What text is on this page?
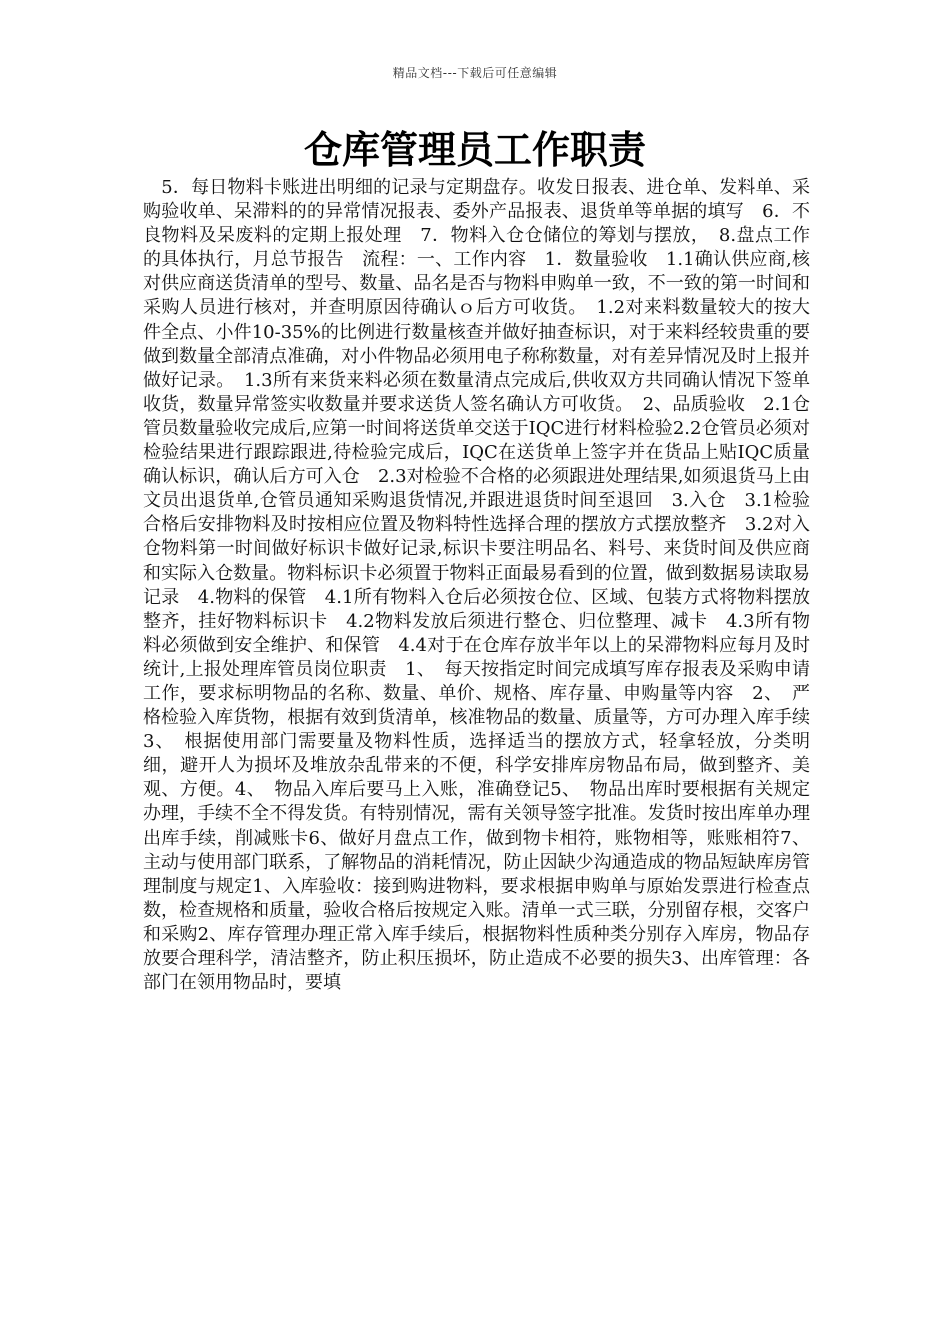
精品文档---下载后可任意编辑
仓库管理员工作职责

　5．每日物料卡账进出明细的记录与定期盘存。收发日报表、进仓单、发料单、采购验收单、呆滞料的的异常情况报表、委外产品报表、退货单等单据的填写　6．不良物料及呆废料的定期上报处理　7．物料入仓仓储位的筹划与摆放，　8.盘点工作的具体执行，月总节报告　流程：一、工作内容　1．数量验收　1.1确认供应商,核对供应商送货清单的型号、数量、品名是否与物料申购单一致，不一致的第一时间和采购人员进行核对，并查明原因待确认ｏ后方可收货。　1.2对来料数量较大的按大件全点、小件10-35%的比例进行数量核查并做好抽查标识，对于来料经较贵重的要做到数量全部清点准确，对小件物品必须用电子称称数量，对有差异情况及时上报并做好记录。　1.3所有来货来料必须在数量清点完成后,供收双方共同确认情况下签单收货，数量异常签实收数量并要求送货人签名确认方可收货。　2、品质验收　2.1仓管员数量验收完成后,应第一时间将送货单交送于IQC进行材料检验2.2仓管员必须对检验结果进行跟踪跟进,待检验完成后，IQC在送货单上签字并在货品上贴IQC质量确认标识，确认后方可入仓　2.3对检验不合格的必须跟进处理结果,如须退货马上由文员出退货单,仓管员通知采购退货情况,并跟进退货时间至退回　3.入仓　3.1检验合格后安排物料及时按相应位置及物料特性选择合理的摆放方式摆放整齐　3.2对入仓物料第一时间做好标识卡做好记录,标识卡要注明品名、料号、来货时间及供应商和实际入仓数量。物料标识卡必须置于物料正面最易看到的位置，做到数据易读取易记录　4.物料的保管　4.1所有物料入仓后必须按仓位、区域、包装方式将物料摆放整齐，挂好物料标识卡　4.2物料发放后须进行整仓、归位整理、减卡　4.3所有物料必须做到安全维护、和保管　4.4对于在仓库存放半年以上的呆滞物料应每月及时统计,上报处理库管员岗位职责　1、　每天按指定时间完成填写库存报表及采购申请工作，要求标明物品的名称、数量、单价、规格、库存量、申购量等内容　2、　严格检验入库货物，根据有效到货清单，核准物品的数量、质量等，方可办理入库手续　3、　根据使用部门需要量及物料性质，选择适当的摆放方式，轻拿轻放，分类明细，避开人为损坏及堆放杂乱带来的不便，科学安排库房物品布局，做到整齐、美观、方便。4、　物品入库后要马上入账，准确登记5、　物品出库时要根据有关规定办理，手续不全不得发货。有特别情况，需有关领导签字批准。发货时按出库单办理出库手续，削减账卡6、做好月盘点工作，做到物卡相符，账物相等，账账相符7、主动与使用部门联系，了解物品的消耗情况，防止因缺少沟通造成的物品短缺库房管理制度与规定1、入库验收：接到购进物料，要求根据申购单与原始发票进行检查点数，检查规格和质量，验收合格后按规定入账。清单一式三联，分别留存根，交客户和采购2、库存管理办理正常入库手续后，根据物料性质种类分别存入库房，物品存放要合理科学，清洁整齐，防止积压损坏，防止造成不必要的损失3、出库管理：各部门在领用物品时，要填
